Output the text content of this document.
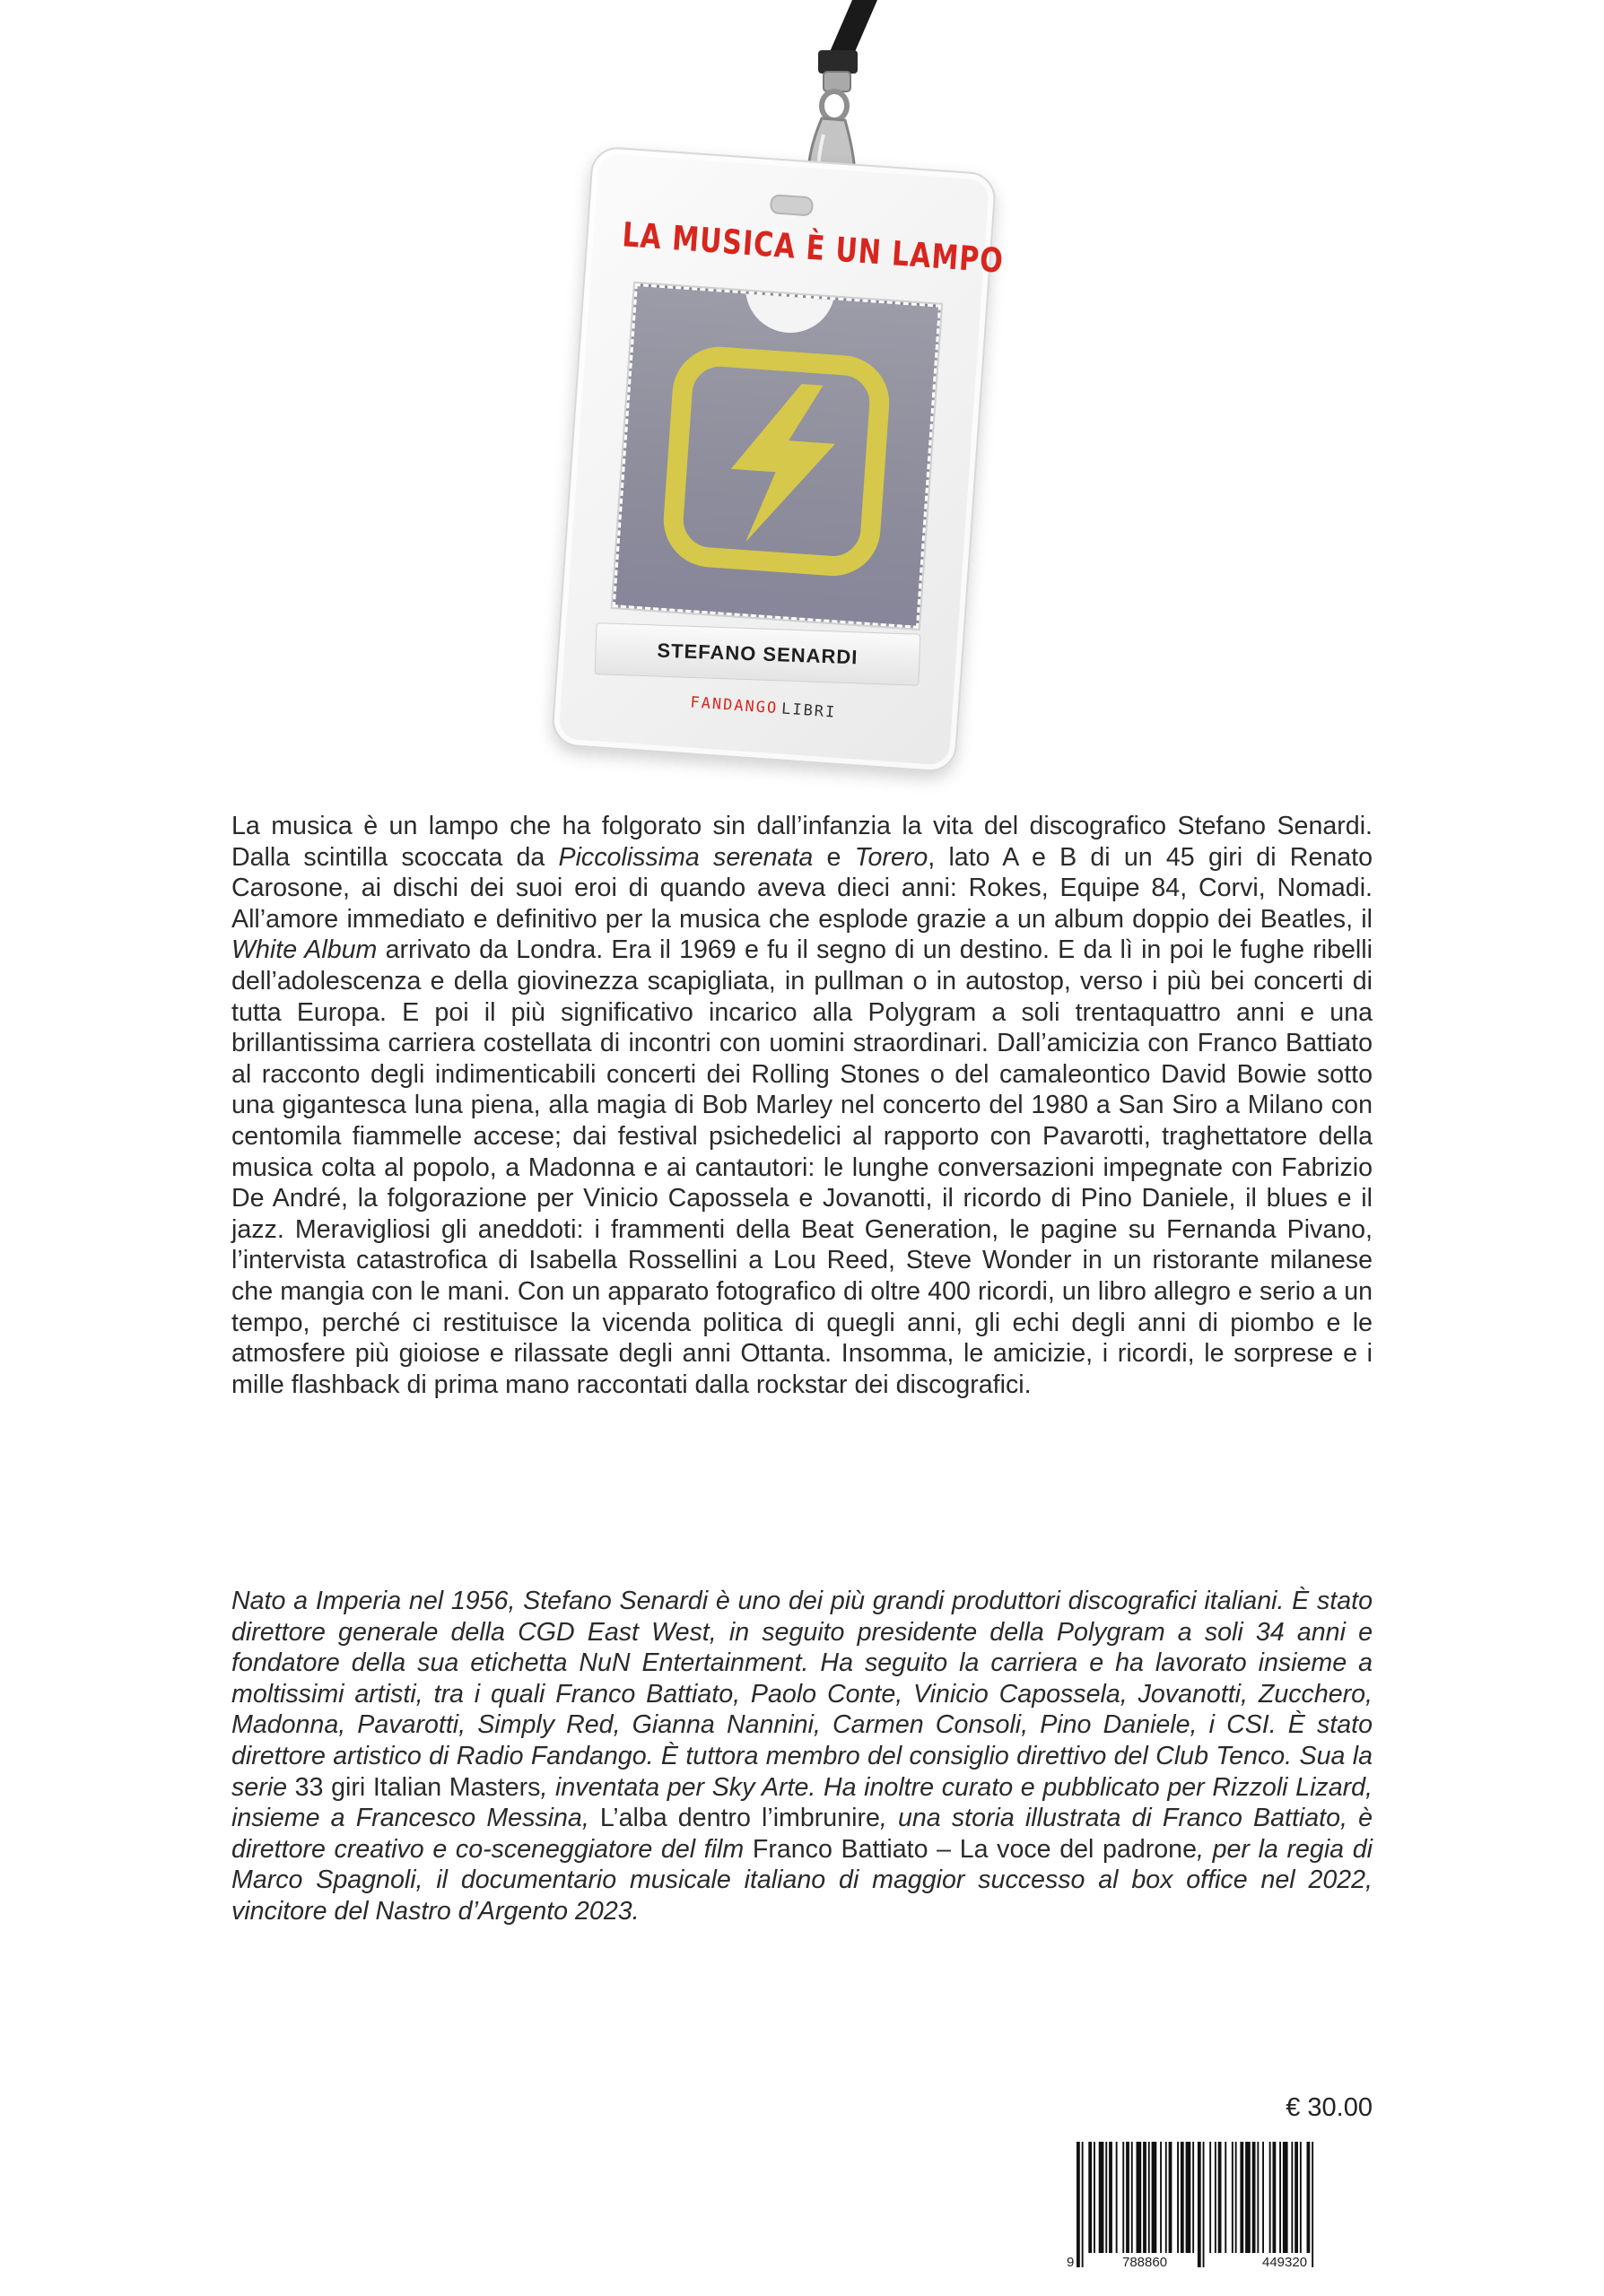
LA MUSICA È UN LAMPO
STEFANO SENARDI
FANDANGO LIBRI

La musica è un lampo che ha folgorato sin dall’infanzia la vita del discografico Stefano Senardi. Dalla scintilla scoccata da Piccolissima serenata e Torero, lato A e B di un 45 giri di Renato Carosone, ai dischi dei suoi eroi di quando aveva dieci anni: Rokes, Equipe 84, Corvi, Nomadi. All’amore immediato e definitivo per la musica che esplode grazie a un album doppio dei Beatles, il White Album arrivato da Londra. Era il 1969 e fu il segno di un destino. E da lì in poi le fughe ribelli dell’adolescenza e della giovinezza scapigliata, in pullman o in autostop, verso i più bei concerti di tutta Europa. E poi il più significativo incarico alla Polygram a soli trentaquattro anni e una brillantissima carriera costellata di incontri con uomini straordinari. Dall’amicizia con Franco Battiato al racconto degli indimenticabili concerti dei Rolling Stones o del camaleontico David Bowie sotto una gigantesca luna piena, alla magia di Bob Marley nel concerto del 1980 a San Siro a Milano con centomila fiammelle accese; dai festival psichedelici al rapporto con Pavarotti, traghettatore della musica colta al popolo, a Madonna e ai cantautori: le lunghe conversazioni impegnate con Fabrizio De André, la folgorazione per Vinicio Capossela e Jovanotti, il ricordo di Pino Daniele, il blues e il jazz. Meravigliosi gli aneddoti: i frammenti della Beat Generation, le pagine su Fernanda Pivano, l’intervista catastrofica di Isabella Rossellini a Lou Reed, Steve Wonder in un ristorante milanese che mangia con le mani. Con un apparato fotografico di oltre 400 ricordi, un libro allegro e serio a un tempo, perché ci restituisce la vicenda politica di quegli anni, gli echi degli anni di piombo e le atmosfere più gioiose e rilassate degli anni Ottanta. Insomma, le amicizie, i ricordi, le sorprese e i mille flashback di prima mano raccontati dalla rockstar dei discografici.

Nato a Imperia nel 1956, Stefano Senardi è uno dei più grandi produttori discografici italiani. È stato direttore generale della CGD East West, in seguito presidente della Polygram a soli 34 anni e fondatore della sua etichetta NuN Entertainment. Ha seguito la carriera e ha lavorato insieme a moltissimi artisti, tra i quali Franco Battiato, Paolo Conte, Vinicio Capossela, Jovanotti, Zucchero, Madonna, Pavarotti, Simply Red, Gianna Nannini, Carmen Consoli, Pino Daniele, i CSI. È stato direttore artistico di Radio Fandango. È tuttora membro del consiglio direttivo del Club Tenco. Sua la serie 33 giri Italian Masters, inventata per Sky Arte. Ha inoltre curato e pubblicato per Rizzoli Lizard, insieme a Francesco Messina, L’alba dentro l’imbrunire, una storia illustrata di Franco Battiato, è direttore creativo e co-sceneggiatore del film Franco Battiato – La voce del padrone, per la regia di Marco Spagnoli, il documentario musicale italiano di maggior successo al box office nel 2022, vincitore del Nastro d’Argento 2023.

€ 30.00
9	788860	449320
